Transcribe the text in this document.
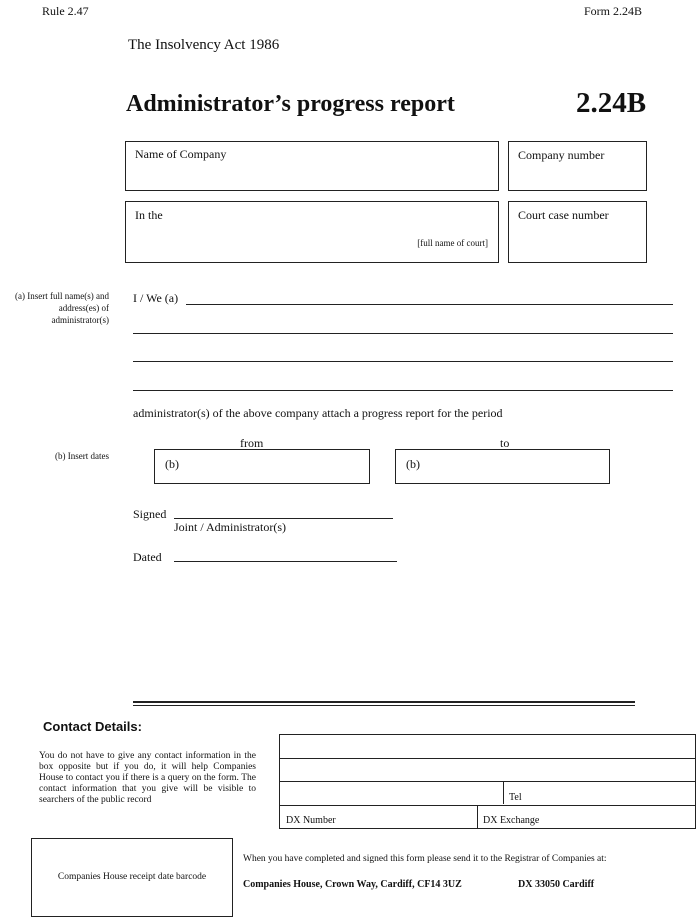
Rule 2.47	Form 2.24B
The Insolvency Act 1986
Administrator’s progress report	2.24B
Name of Company	Company number
In the
[full name of court]
Court case number
(a) Insert full name(s) and address(es) of administrator(s)
I / We (a)
administrator(s) of the above company attach a progress report for the period
(b) Insert dates
from	to
(b)	(b)
Signed
Joint / Administrator(s)
Dated
Contact Details:
You do not have to give any contact information in the box opposite but if you do, it will help Companies House to contact you if there is a query on the form. The contact information that you give will be visible to searchers of the public record	Tel
DX Number	DX Exchange
Companies House receipt date barcode
When you have completed and signed this form please send it to the Registrar of Companies at:
Companies House, Crown Way, Cardiff, CF14 3UZ	DX 33050 Cardiff
